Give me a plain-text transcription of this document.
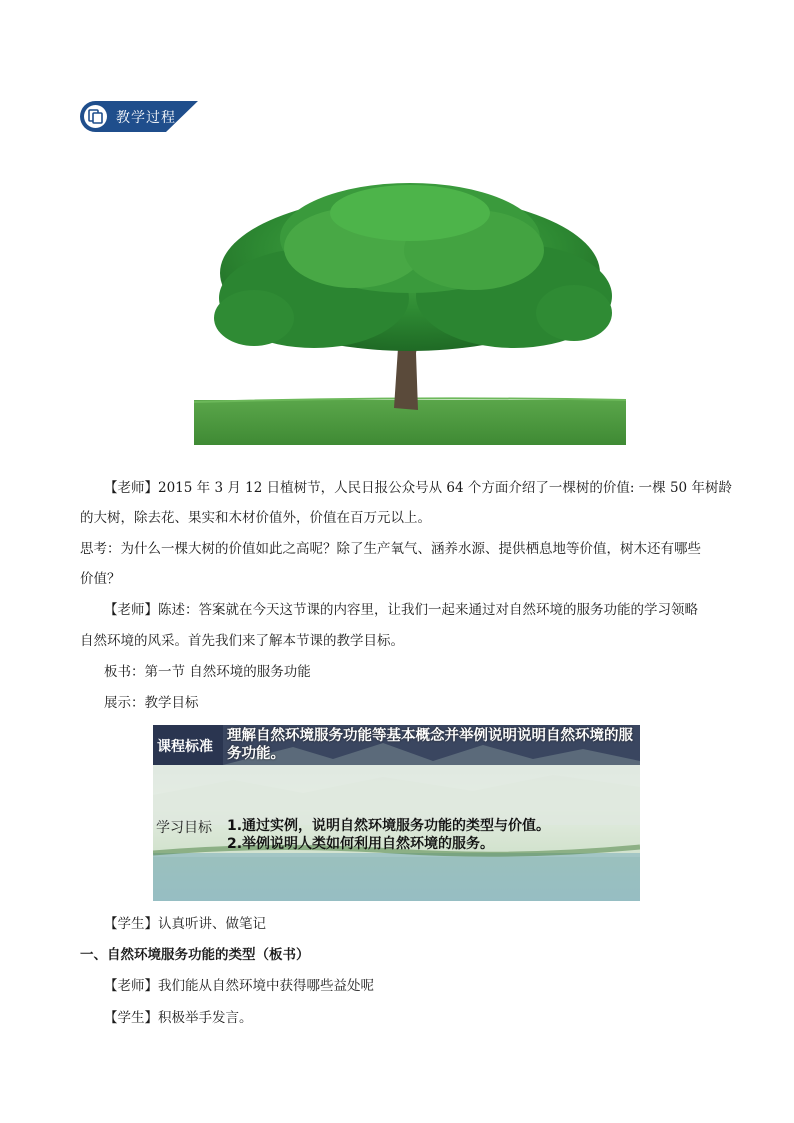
教学过程
【老师】2015 年 3 月 12 日植树节，人民日报公众号从 64 个方面介绍了一棵树的价值: 一棵 50 年树龄
的大树，除去花、果实和木材价值外，价值在百万元以上。
思考：为什么一棵大树的价值如此之高呢？除了生产氧气、涵养水源、提供栖息地等价值，树木还有哪些
价值？
【老师】陈述：答案就在今天这节课的内容里，让我们一起来通过对自然环境的服务功能的学习领略
自然环境的风采。首先我们来了解本节课的教学目标。
板书：第一节 自然环境的服务功能
展示：教学目标
课程标准
理解自然环境服务功能等基本概念并举例说明说明自然环境的服务功能。
学习目标 1.通过实例，说明自然环境服务功能的类型与价值。
2.举例说明人类如何利用自然环境的服务。
【学生】认真听讲、做笔记
一、自然环境服务功能的类型（板书）
【老师】我们能从自然环境中获得哪些益处呢
【学生】积极举手发言。
